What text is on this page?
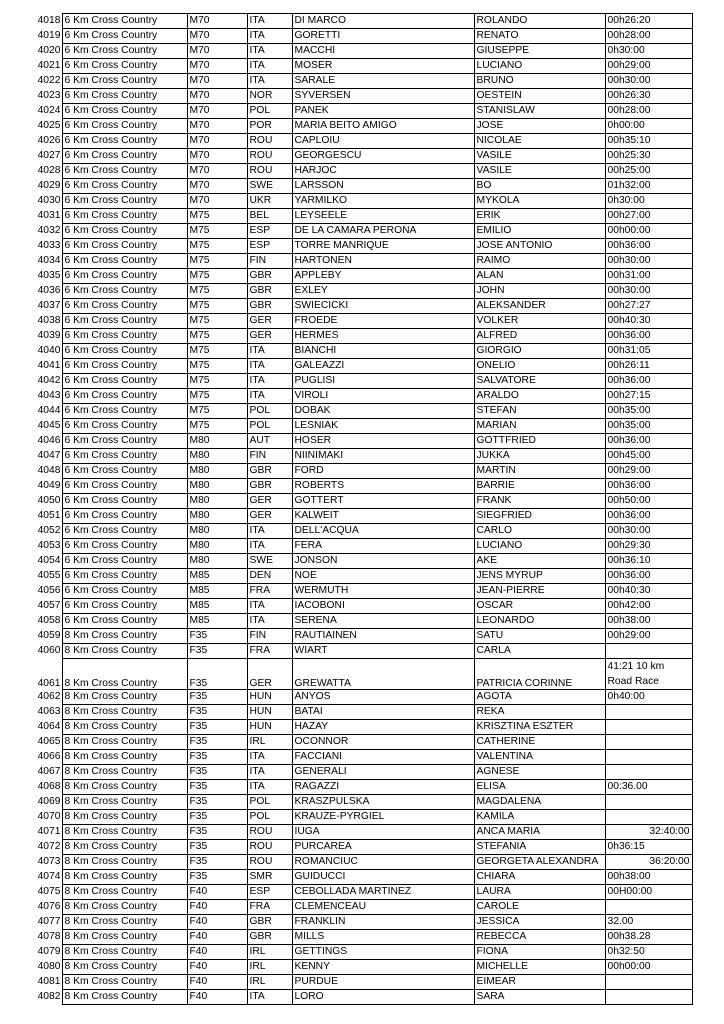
4018	6 Km Cross Country	M70	ITA	DI MARCO	ROLANDO	00h26:20
4019	6 Km Cross Country	M70	ITA	GORETTI	RENATO	00h28:00
4020	6 Km Cross Country	M70	ITA	MACCHI	GIUSEPPE	0h30:00
4021	6 Km Cross Country	M70	ITA	MOSER	LUCIANO	00h29:00
4022	6 Km Cross Country	M70	ITA	SARALE	BRUNO	00h30:00
4023	6 Km Cross Country	M70	NOR	SYVERSEN	OESTEIN	00h26:30
4024	6 Km Cross Country	M70	POL	PANEK	STANISLAW	00h28:00
4025	6 Km Cross Country	M70	POR	MARIA BEITO AMIGO	JOSE	0h00:00
4026	6 Km Cross Country	M70	ROU	CAPLOIU	NICOLAE	00h35:10
4027	6 Km Cross Country	M70	ROU	GEORGESCU	VASILE	00h25:30
4028	6 Km Cross Country	M70	ROU	HARJOC	VASILE	00h25:00
4029	6 Km Cross Country	M70	SWE	LARSSON	BO	01h32:00
4030	6 Km Cross Country	M70	UKR	YARMILKO	MYKOLA	0h30:00
4031	6 Km Cross Country	M75	BEL	LEYSEELE	ERIK	00h27:00
4032	6 Km Cross Country	M75	ESP	DE LA CAMARA PERONA	EMILIO	00h00:00
4033	6 Km Cross Country	M75	ESP	TORRE MANRIQUE	JOSE ANTONIO	00h36:00
4034	6 Km Cross Country	M75	FIN	HARTONEN	RAIMO	00h30:00
4035	6 Km Cross Country	M75	GBR	APPLEBY	ALAN	00h31:00
4036	6 Km Cross Country	M75	GBR	EXLEY	JOHN	00h30:00
4037	6 Km Cross Country	M75	GBR	SWIECICKI	ALEKSANDER	00h27:27
4038	6 Km Cross Country	M75	GER	FROEDE	VOLKER	00h40:30
4039	6 Km Cross Country	M75	GER	HERMES	ALFRED	00h36:00
4040	6 Km Cross Country	M75	ITA	BIANCHI	GIORGIO	00h31:05
4041	6 Km Cross Country	M75	ITA	GALEAZZI	ONELIO	00h26:11
4042	6 Km Cross Country	M75	ITA	PUGLISI	SALVATORE	00h36:00
4043	6 Km Cross Country	M75	ITA	VIROLI	ARALDO	00h27:15
4044	6 Km Cross Country	M75	POL	DOBAK	STEFAN	00h35:00
4045	6 Km Cross Country	M75	POL	LESNIAK	MARIAN	00h35:00
4046	6 Km Cross Country	M80	AUT	HOSER	GOTTFRIED	00h36:00
4047	6 Km Cross Country	M80	FIN	NIINIMAKI	JUKKA	00h45:00
4048	6 Km Cross Country	M80	GBR	FORD	MARTIN	00h29:00
4049	6 Km Cross Country	M80	GBR	ROBERTS	BARRIE	00h36:00
4050	6 Km Cross Country	M80	GER	GOTTERT	FRANK	00h50:00
4051	6 Km Cross Country	M80	GER	KALWEIT	SIEGFRIED	00h36:00
4052	6 Km Cross Country	M80	ITA	DELL'ACQUA	CARLO	00h30:00
4053	6 Km Cross Country	M80	ITA	FERA	LUCIANO	00h29:30
4054	6 Km Cross Country	M80	SWE	JONSON	AKE	00h36:10
4055	6 Km Cross Country	M85	DEN	NOE	JENS MYRUP	00h36:00
4056	6 Km Cross Country	M85	FRA	WERMUTH	JEAN-PIERRE	00h40:30
4057	6 Km Cross Country	M85	ITA	IACOBONI	OSCAR	00h42:00
4058	6 Km Cross Country	M85	ITA	SERENA	LEONARDO	00h38:00
4059	8 Km Cross Country	F35	FIN	RAUTIAINEN	SATU	00h29:00
4060	8 Km Cross Country	F35	FRA	WIART	CARLA	
4061	8 Km Cross Country	F35	GER	GREWATTA	PATRICIA CORINNE	41:21 10 km Road Race
4062	8 Km Cross Country	F35	HUN	ANYOS	AGOTA	0h40:00
4063	8 Km Cross Country	F35	HUN	BATAI	REKA	
4064	8 Km Cross Country	F35	HUN	HAZAY	KRISZTINA ESZTER	
4065	8 Km Cross Country	F35	IRL	OCONNOR	CATHERINE	
4066	8 Km Cross Country	F35	ITA	FACCIANI	VALENTINA	
4067	8 Km Cross Country	F35	ITA	GENERALI	AGNESE	
4068	8 Km Cross Country	F35	ITA	RAGAZZI	ELISA	00:36.00
4069	8 Km Cross Country	F35	POL	KRASZPULSKA	MAGDALENA	
4070	8 Km Cross Country	F35	POL	KRAUZE-PYRGIEL	KAMILA	
4071	8 Km Cross Country	F35	ROU	IUGA	ANCA MARIA	32:40:00
4072	8 Km Cross Country	F35	ROU	PURCAREA	STEFANIA	0h36:15
4073	8 Km Cross Country	F35	ROU	ROMANCIUC	GEORGETA ALEXANDRA	36:20:00
4074	8 Km Cross Country	F35	SMR	GUIDUCCI	CHIARA	00h38:00
4075	8 Km Cross Country	F40	ESP	CEBOLLADA MARTINEZ	LAURA	00H00:00
4076	8 Km Cross Country	F40	FRA	CLEMENCEAU	CAROLE	
4077	8 Km Cross Country	F40	GBR	FRANKLIN	JESSICA	32.00
4078	8 Km Cross Country	F40	GBR	MILLS	REBECCA	00h38.28
4079	8 Km Cross Country	F40	IRL	GETTINGS	FIONA	0h32:50
4080	8 Km Cross Country	F40	IRL	KENNY	MICHELLE	00h00:00
4081	8 Km Cross Country	F40	IRL	PURDUE	EIMEAR	
4082	8 Km Cross Country	F40	ITA	LORO	SARA	
